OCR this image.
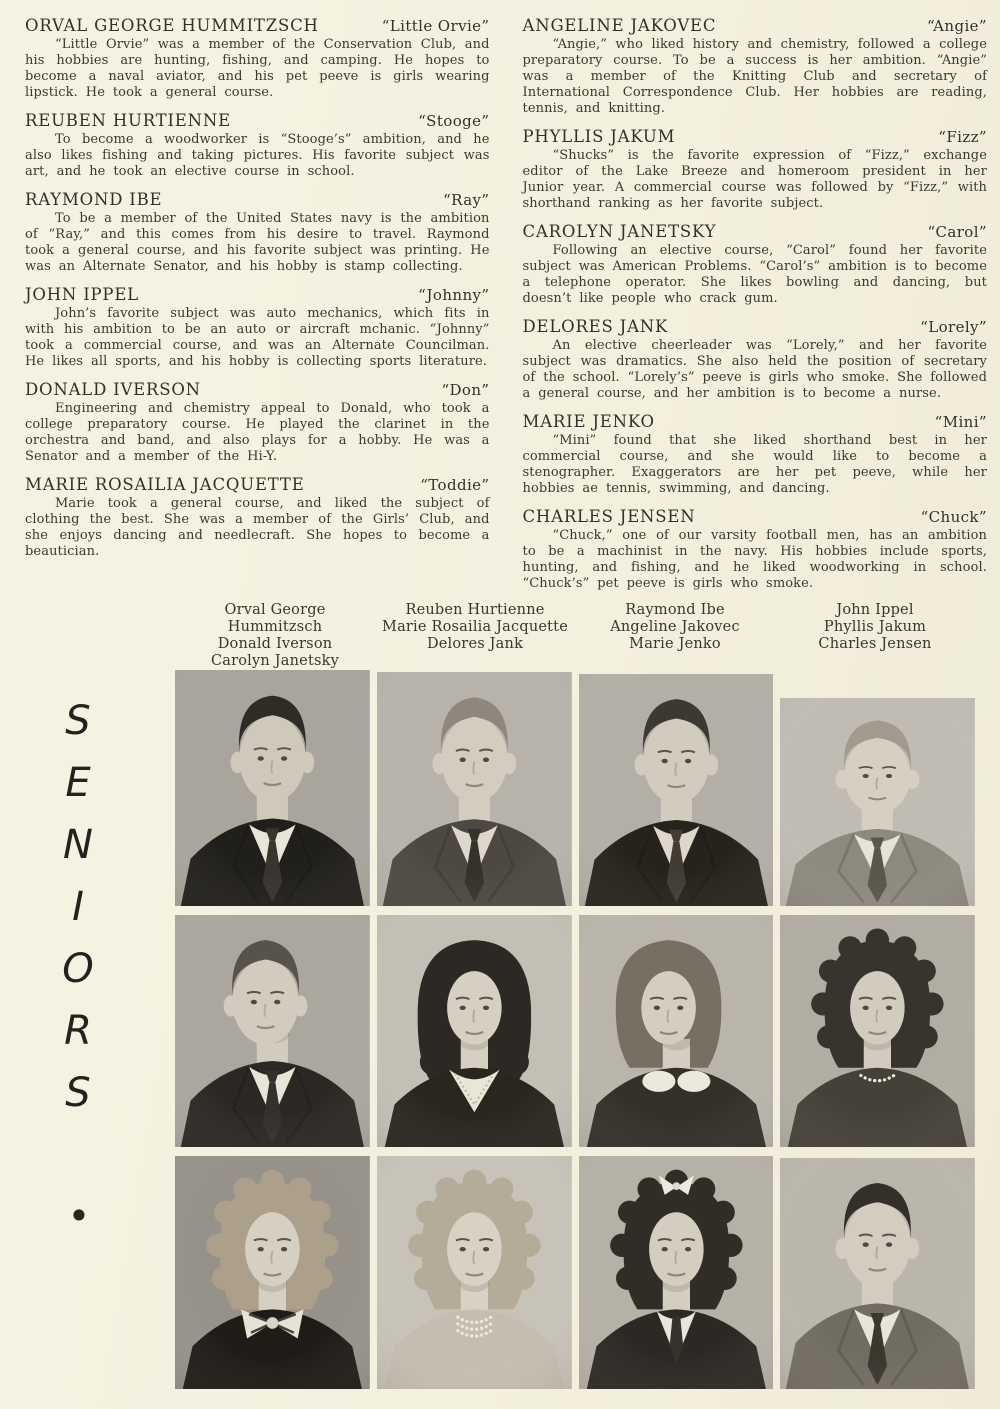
ORVAL GEORGE HUMMITZSCH	“Little Orvie”

“Little Orvie” was a member of the Conservation Club, and his hobbies are hunting, fishing, and camping. He hopes to become a naval aviator, and his pet peeve is girls wearing lipstick. He took a general course.

REUBEN HURTIENNE	“Stooge”

To become a woodworker is “Stooge’s” ambition, and he also likes fishing and taking pictures. His favorite subject was art, and he took an elective course in school.

RAYMOND IBE	“Ray”

To be a member of the United States navy is the ambition of “Ray,” and this comes from his desire to travel. Raymond took a general course, and his favorite subject was printing. He was an Alternate Senator, and his hobby is stamp collecting.

JOHN IPPEL	“Johnny”

John’s favorite subject was auto mechanics, which fits in with his ambition to be an auto or aircraft mchanic. “Johnny” took a commercial course, and was an Alternate Councilman. He likes all sports, and his hobby is collecting sports literature.

DONALD IVERSON	“Don”

Engineering and chemistry appeal to Donald, who took a college preparatory course. He played the clarinet in the orchestra and band, and also plays for a hobby. He was a Senator and a member of the Hi-Y.

MARIE ROSAILIA JACQUETTE	“Toddie”

Marie took a general course, and liked the subject of clothing the best. She was a member of the Girls’ Club, and she enjoys dancing and needlecraft. She hopes to become a beautician.

ANGELINE JAKOVEC	“Angie”

“Angie,” who liked history and chemistry, followed a college preparatory course. To be a success is her ambition. “Angie” was a member of the Knitting Club and secretary of International Correspondence Club. Her hobbies are reading, tennis, and knitting.

PHYLLIS JAKUM	“Fizz”

“Shucks” is the favorite expression of “Fizz,” exchange editor of the Lake Breeze and homeroom president in her Junior year. A commercial course was followed by “Fizz,” with shorthand ranking as her favorite subject.

CAROLYN JANETSKY	“Carol”

Following an elective course, “Carol” found her favorite subject was American Problems. “Carol’s” ambition is to become a telephone operator. She likes bowling and dancing, but doesn’t like people who crack gum.

DELORES JANK	“Lorely”

An elective cheerleader was “Lorely,” and her favorite subject was dramatics. She also held the position of secretary of the school. “Lorely’s” peeve is girls who smoke. She followed a general course, and her ambition is to become a nurse.

MARIE JENKO	“Mini”

“Mini” found that she liked shorthand best in her commercial course, and she would like to become a stenographer. Exaggerators are her pet peeve, while her hobbies ae tennis, swimming, and dancing.

CHARLES JENSEN	“Chuck”

“Chuck,” one of our varsity football men, has an ambition to be a machinist in the navy. His hobbies include sports, hunting, and fishing, and he liked woodworking in school. “Chuck’s” pet peeve is girls who smoke.

Orval George Hummitzsch
Donald Iverson
Carolyn Janetsky
Reuben Hurtienne
Marie Rosailia Jacquette
Delores Jank
Raymond Ibe
Angeline Jakovec
Marie Jenko
John Ippel
Phyllis Jakum
Charles Jensen
S
E
N
I
O
R
S
•
